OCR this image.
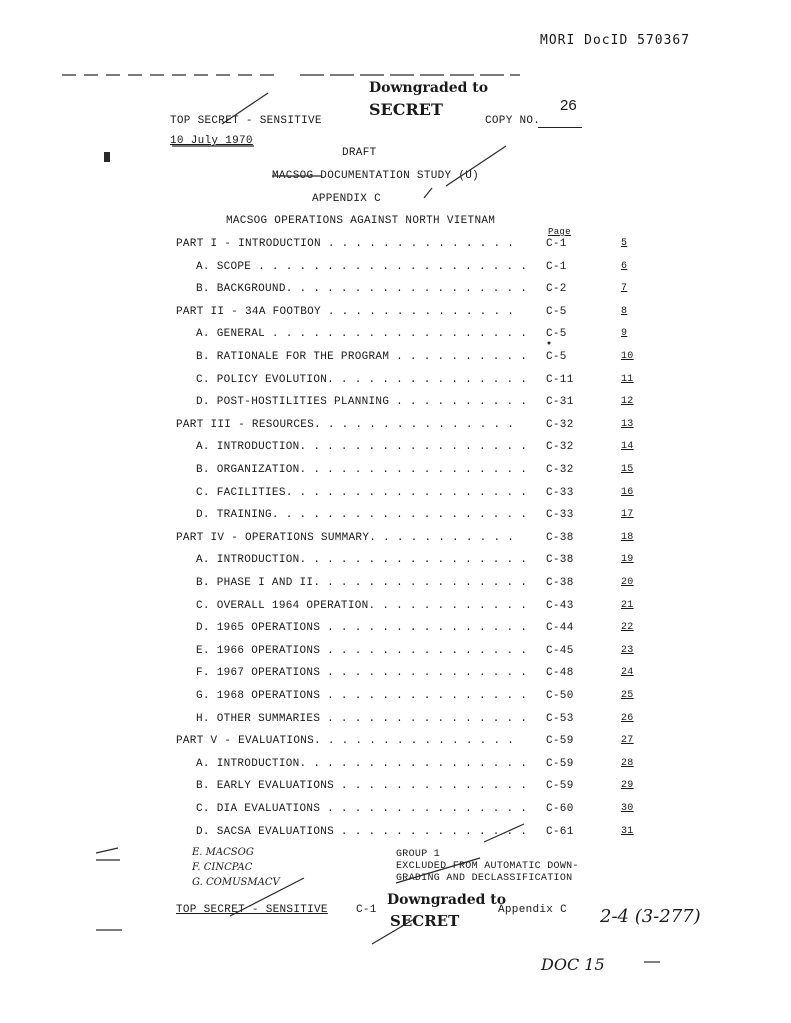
MORI DocID 570367
Downgraded to
SECRET	26
COPY NO.
TOP SECRET - SENSITIVE
10 July 1970
DRAFT
MACSOG DOCUMENTATION STUDY (U)
APPENDIX C
MACSOG OPERATIONS AGAINST NORTH VIETNAM
Page
PART I - INTRODUCTION . . . . . . . . . . . . . .	C-1	5
A. SCOPE . . . . . . . . . . . . . . . . . . . . C-1	6
B. BACKGROUND. . . . . . . . . . . . . . . . . . C-2	7
PART II - 34A FOOTBOY . . . . . . . . . . . . . .	C-5	8
A. GENERAL . . . . . . . . . . . . . . . . . . . C-5	9
B. RATIONALE FOR THE PROGRAM . . . . . . . . . . C-5	10
C. POLICY EVOLUTION. . . . . . . . . . . . . . . C-11	11
D. POST-HOSTILITIES PLANNING . . . . . . . . . . C-31	12
PART III - RESOURCES. . . . . . . . . . . . . . .	C-32	13
A. INTRODUCTION. . . . . . . . . . . . . . . . . C-32	14
B. ORGANIZATION. . . . . . . . . . . . . . . . . C-32	15
C. FACILITIES. . . . . . . . . . . . . . . . . . C-33	16
D. TRAINING. . . . . . . . . . . . . . . . . . . C-33	17
PART IV - OPERATIONS SUMMARY. . . . . . . . . . .	C-38	18
A. INTRODUCTION. . . . . . . . . . . . . . . . . C-38	19
B. PHASE I AND II. . . . . . . . . . . . . . . . C-38	20
C. OVERALL 1964 OPERATION. . . . . . . . . . . . C-43	21
D. 1965 OPERATIONS . . . . . . . . . . . . . . . C-44	22
E. 1966 OPERATIONS . . . . . . . . . . . . . . . C-45	23
F. 1967 OPERATIONS . . . . . . . . . . . . . . . C-48	24
G. 1968 OPERATIONS . . . . . . . . . . . . . . . C-50	25
H. OTHER SUMMARIES . . . . . . . . . . . . . . . C-53	26
PART V - EVALUATIONS. . . . . . . . . . . . . . .	C-59	27
A. INTRODUCTION. . . . . . . . . . . . . . . . . C-59	28
B. EARLY EVALUATIONS . . . . . . . . . . . . . . C-59	29
C. DIA EVALUATIONS . . . . . . . . . . . . . . . C-60	30
D. SACSA EVALUATIONS . . . . . . . . . . . . . . C-61	31
E. MACSOG
F. CINCPAC
G. COMUSMACV
GROUP 1
EXCLUDED FROM AUTOMATIC DOWN-
GRADING AND DECLASSIFICATION
TOP SECRET - SENSITIVE	C-1
Downgraded to
SECRET
Appendix C 2-4 (3-277)
DOC 15
